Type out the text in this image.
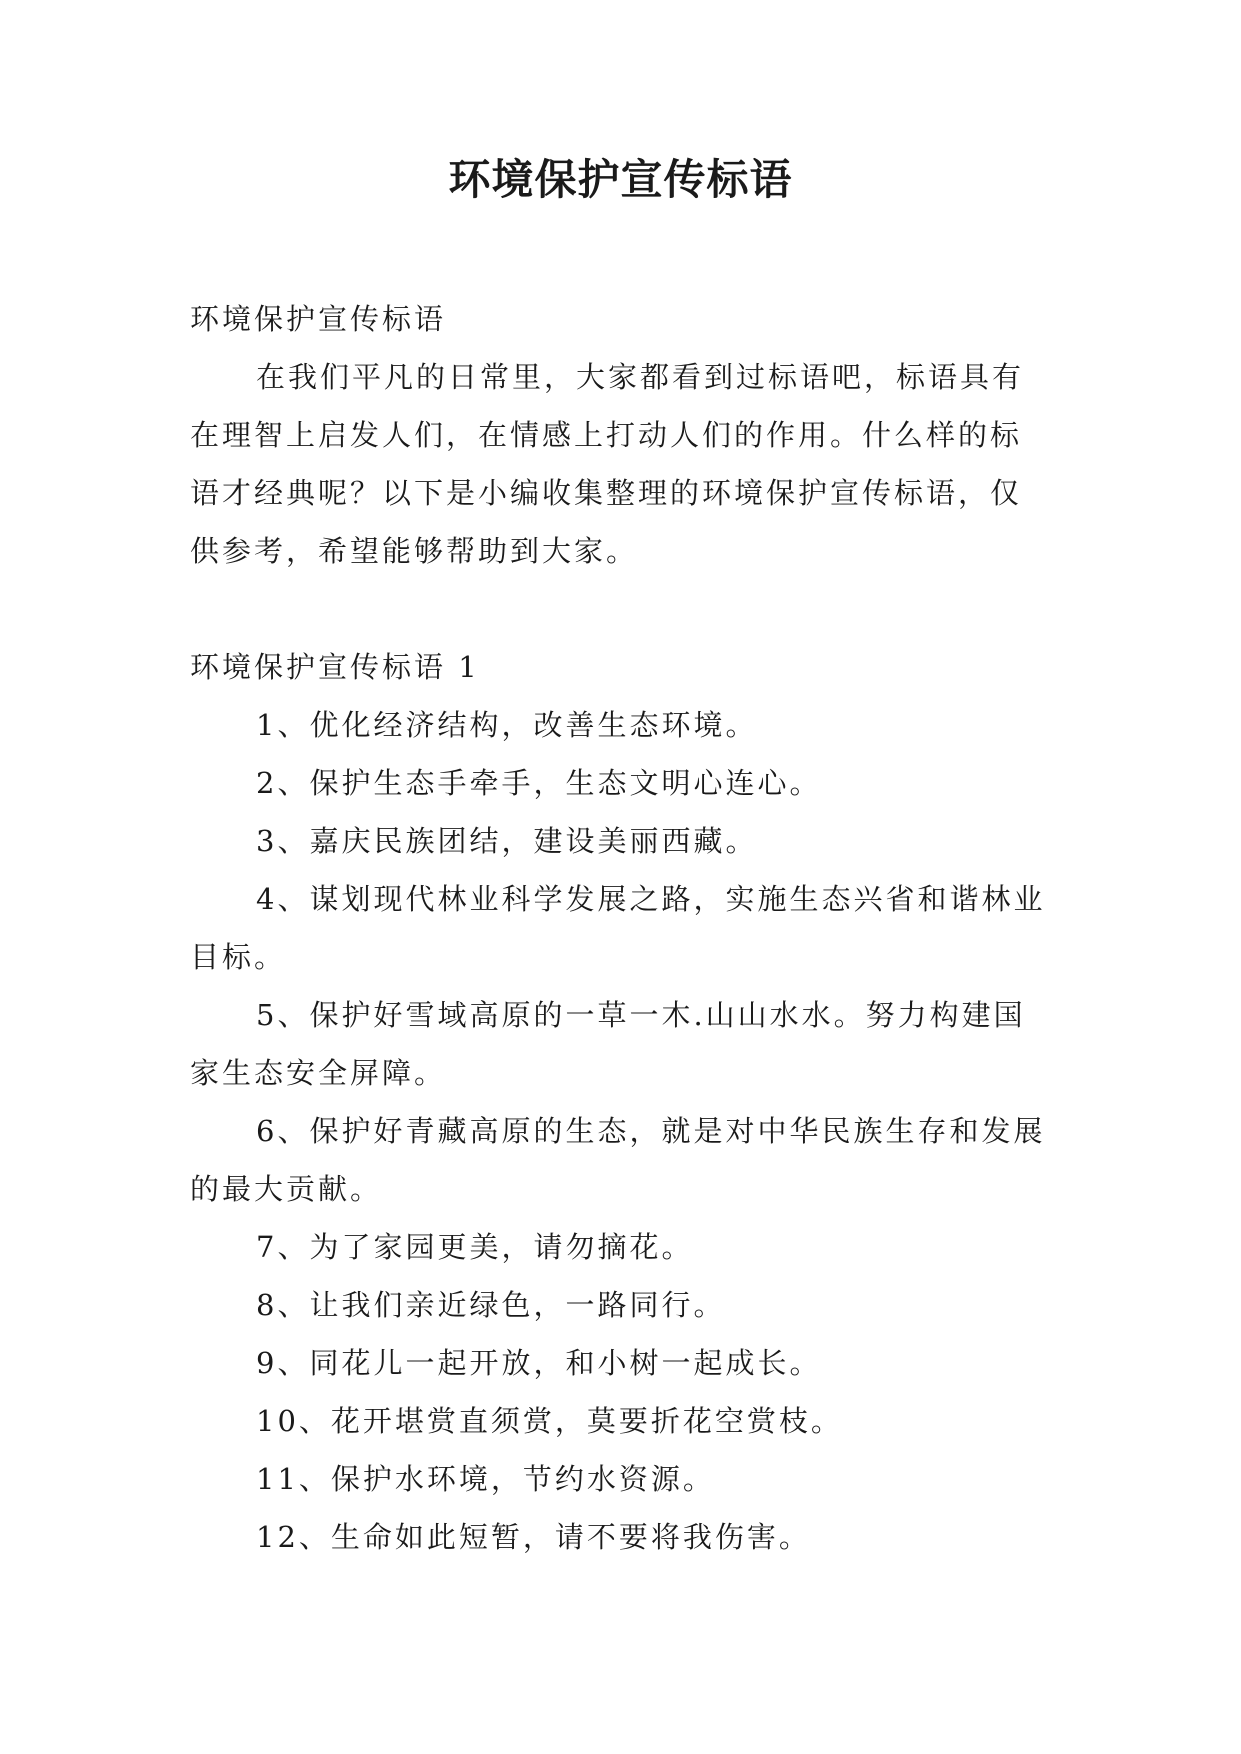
环境保护宣传标语

环境保护宣传标语

在我们平凡的日常里，大家都看到过标语吧，标语具有在理智上启发人们，在情感上打动人们的作用。什么样的标语才经典呢？以下是小编收集整理的环境保护宣传标语，仅供参考，希望能够帮助到大家。

环境保护宣传标语 1

1、优化经济结构，改善生态环境。

2、保护生态手牵手，生态文明心连心。

3、嘉庆民族团结，建设美丽西藏。

4、谋划现代林业科学发展之路，实施生态兴省和谐林业目标。

5、保护好雪域高原的一草一木.山山水水。努力构建国家生态安全屏障。

6、保护好青藏高原的生态，就是对中华民族生存和发展的最大贡献。

7、为了家园更美，请勿摘花。

8、让我们亲近绿色，一路同行。

9、同花儿一起开放，和小树一起成长。

10、花开堪赏直须赏，莫要折花空赏枝。

11、保护水环境，节约水资源。

12、生命如此短暂，请不要将我伤害。
